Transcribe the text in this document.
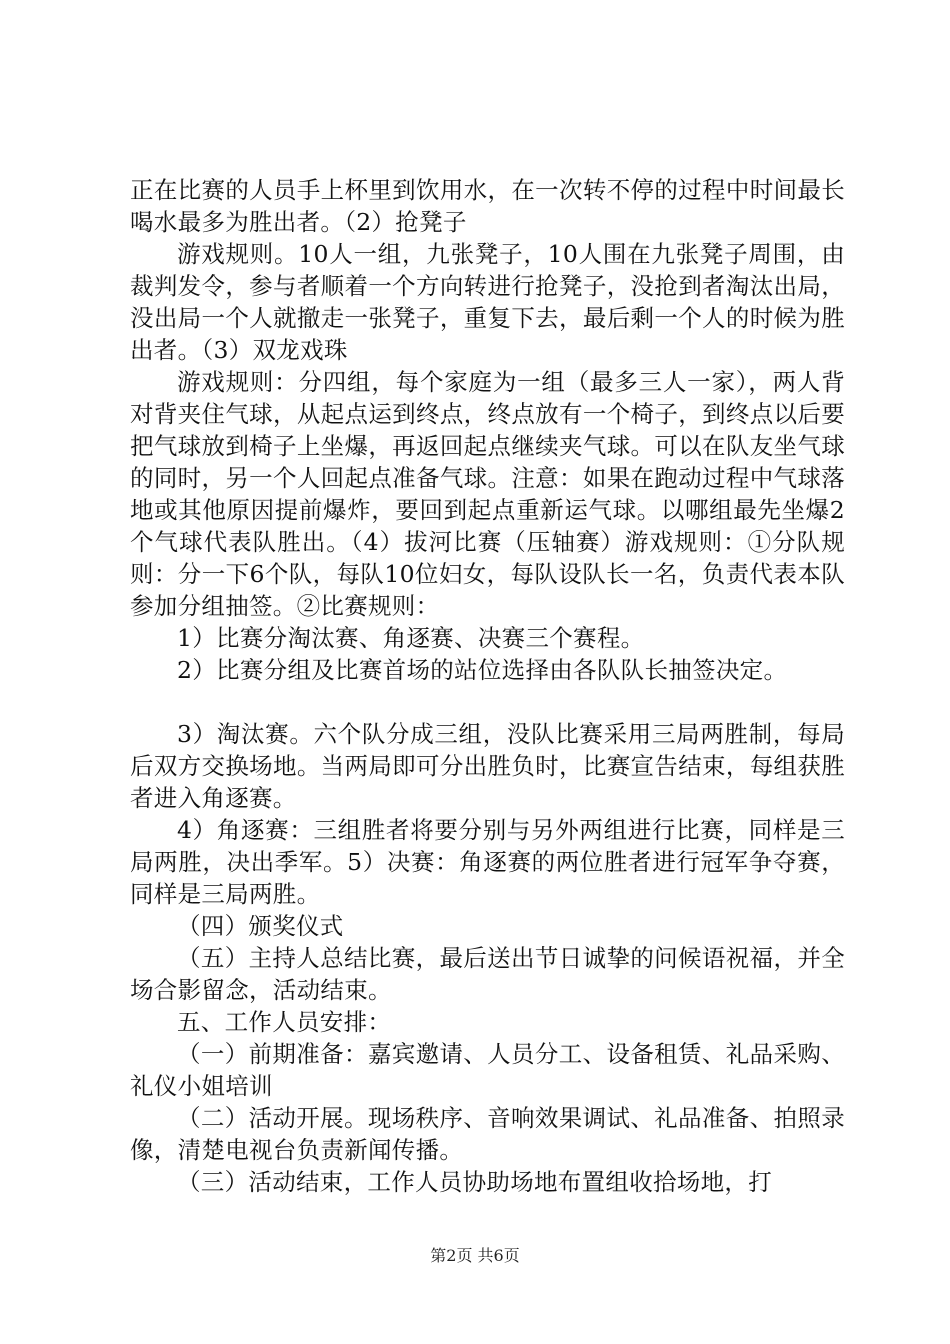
正在比赛的人员手上杯里到饮用水，在一次转不停的过程中时间最长喝水最多为胜出者。（2）抢凳子

游戏规则。10人一组，九张凳子，10人围在九张凳子周围，由裁判发令，参与者顺着一个方向转进行抢凳子，没抢到者淘汰出局，没出局一个人就撤走一张凳子，重复下去，最后剩一个人的时候为胜出者。（3）双龙戏珠

游戏规则：分四组，每个家庭为一组（最多三人一家），两人背对背夹住气球，从起点运到终点，终点放有一个椅子，到终点以后要把气球放到椅子上坐爆，再返回起点继续夹气球。可以在队友坐气球的同时，另一个人回起点准备气球。注意：如果在跑动过程中气球落地或其他原因提前爆炸，要回到起点重新运气球。以哪组最先坐爆2个气球代表队胜出。（4）拔河比赛（压轴赛）游戏规则：①分队规则：分一下6个队，每队10位妇女，每队设队长一名，负责代表本队参加分组抽签。②比赛规则：

1）比赛分淘汰赛、角逐赛、决赛三个赛程。

2）比赛分组及比赛首场的站位选择由各队队长抽签决定。

3）淘汰赛。六个队分成三组，没队比赛采用三局两胜制，每局后双方交换场地。当两局即可分出胜负时，比赛宣告结束，每组获胜者进入角逐赛。

4）角逐赛：三组胜者将要分别与另外两组进行比赛，同样是三局两胜，决出季军。5）决赛：角逐赛的两位胜者进行冠军争夺赛，同样是三局两胜。

（四）颁奖仪式

（五）主持人总结比赛，最后送出节日诚挚的问候语祝福，并全场合影留念，活动结束。

五、工作人员安排：

（一）前期准备：嘉宾邀请、人员分工、设备租赁、礼品采购、礼仪小姐培训

（二）活动开展。现场秩序、音响效果调试、礼品准备、拍照录像，清楚电视台负责新闻传播。

（三）活动结束，工作人员协助场地布置组收拾场地，打

第2页 共6页
